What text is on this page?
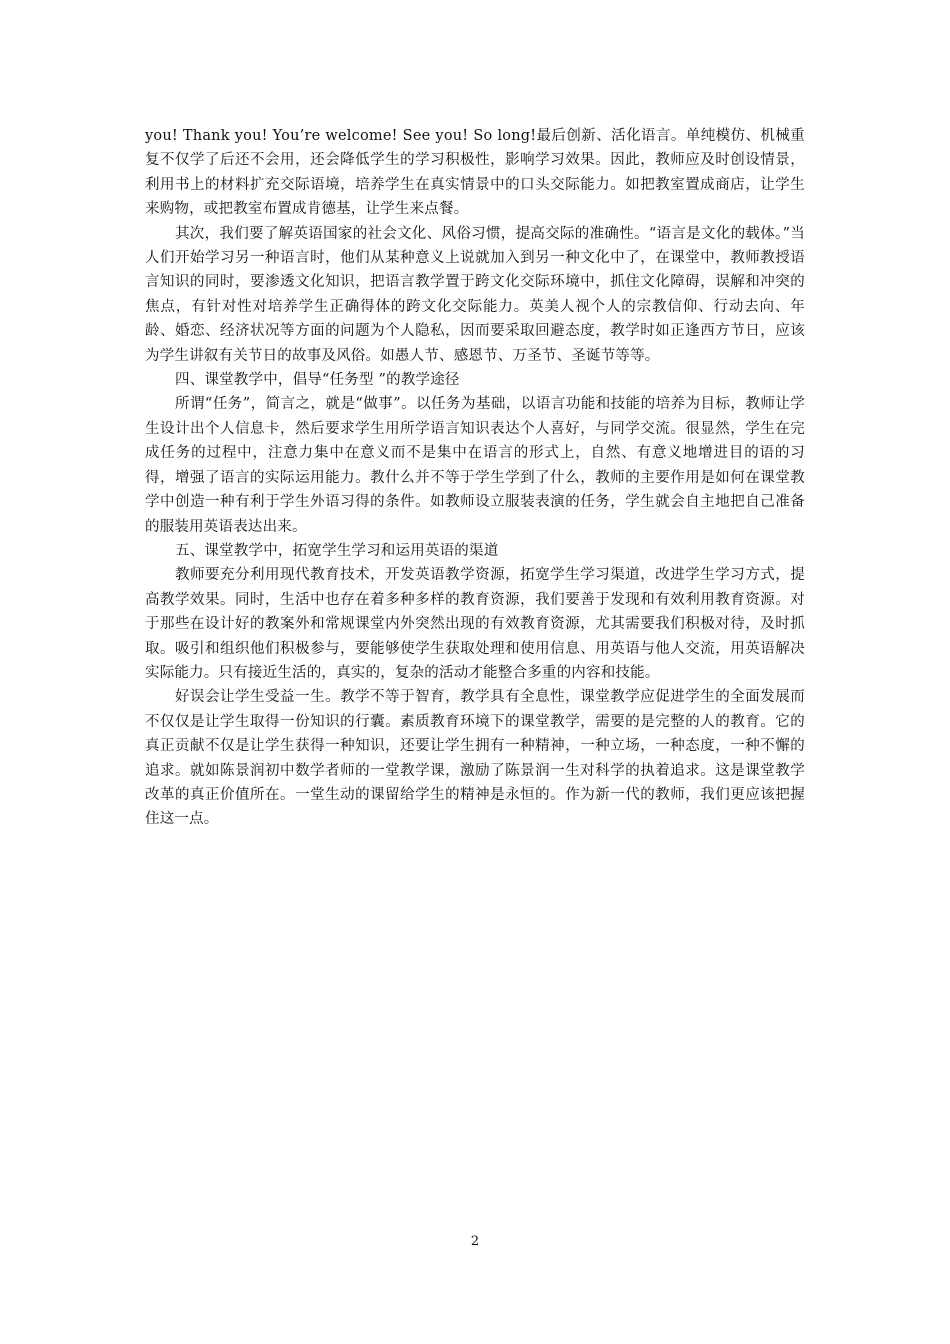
you! Thank you! You’re welcome! See you! So long!最后创新、活化语言。单纯模仿、机械重复不仅学了后还不会用，还会降低学生的学习积极性，影响学习效果。因此，教师应及时创设情景，利用书上的材料扩充交际语境，培养学生在真实情景中的口头交际能力。如把教室置成商店，让学生来购物，或把教室布置成肯德基，让学生来点餐。

其次，我们要了解英语国家的社会文化、风俗习惯，提高交际的准确性。“语言是文化的载体。”当人们开始学习另一种语言时，他们从某种意义上说就加入到另一种文化中了，在课堂中，教师教授语言知识的同时，要渗透文化知识，把语言教学置于跨文化交际环境中，抓住文化障碍，误解和冲突的焦点，有针对性对培养学生正确得体的跨文化交际能力。英美人视个人的宗教信仰、行动去向、年龄、婚恋、经济状况等方面的问题为个人隐私，因而要采取回避态度，教学时如正逢西方节日，应该为学生讲叙有关节日的故事及风俗。如愚人节、感恩节、万圣节、圣诞节等等。

四、课堂教学中，倡导“任务型 ”的教学途径

所谓“任务”，简言之，就是“做事”。以任务为基础，以语言功能和技能的培养为目标，教师让学生设计出个人信息卡，然后要求学生用所学语言知识表达个人喜好，与同学交流。很显然，学生在完成任务的过程中，注意力集中在意义而不是集中在语言的形式上，自然、有意义地增进目的语的习得，增强了语言的实际运用能力。教什么并不等于学生学到了什么，教师的主要作用是如何在课堂教学中创造一种有利于学生外语习得的条件。如教师设立服装表演的任务，学生就会自主地把自己准备的服装用英语表达出来。

五、课堂教学中，拓宽学生学习和运用英语的渠道

教师要充分利用现代教育技术，开发英语教学资源，拓宽学生学习渠道，改进学生学习方式，提高教学效果。同时，生活中也存在着多种多样的教育资源，我们要善于发现和有效利用教育资源。对于那些在设计好的教案外和常规课堂内外突然出现的有效教育资源，尤其需要我们积极对待，及时抓取。吸引和组织他们积极参与，要能够使学生获取处理和使用信息、用英语与他人交流，用英语解决实际能力。只有接近生活的，真实的，复杂的活动才能整合多重的内容和技能。

好误会让学生受益一生。教学不等于智育，教学具有全息性，课堂教学应促进学生的全面发展而不仅仅是让学生取得一份知识的行囊。素质教育环境下的课堂教学，需要的是完整的人的教育。它的真正贡献不仅是让学生获得一种知识，还要让学生拥有一种精神，一种立场，一种态度，一种不懈的追求。就如陈景润初中数学者师的一堂教学课，激励了陈景润一生对科学的执着追求。这是课堂教学改革的真正价值所在。一堂生动的课留给学生的精神是永恒的。作为新一代的教师，我们更应该把握住这一点。

2
